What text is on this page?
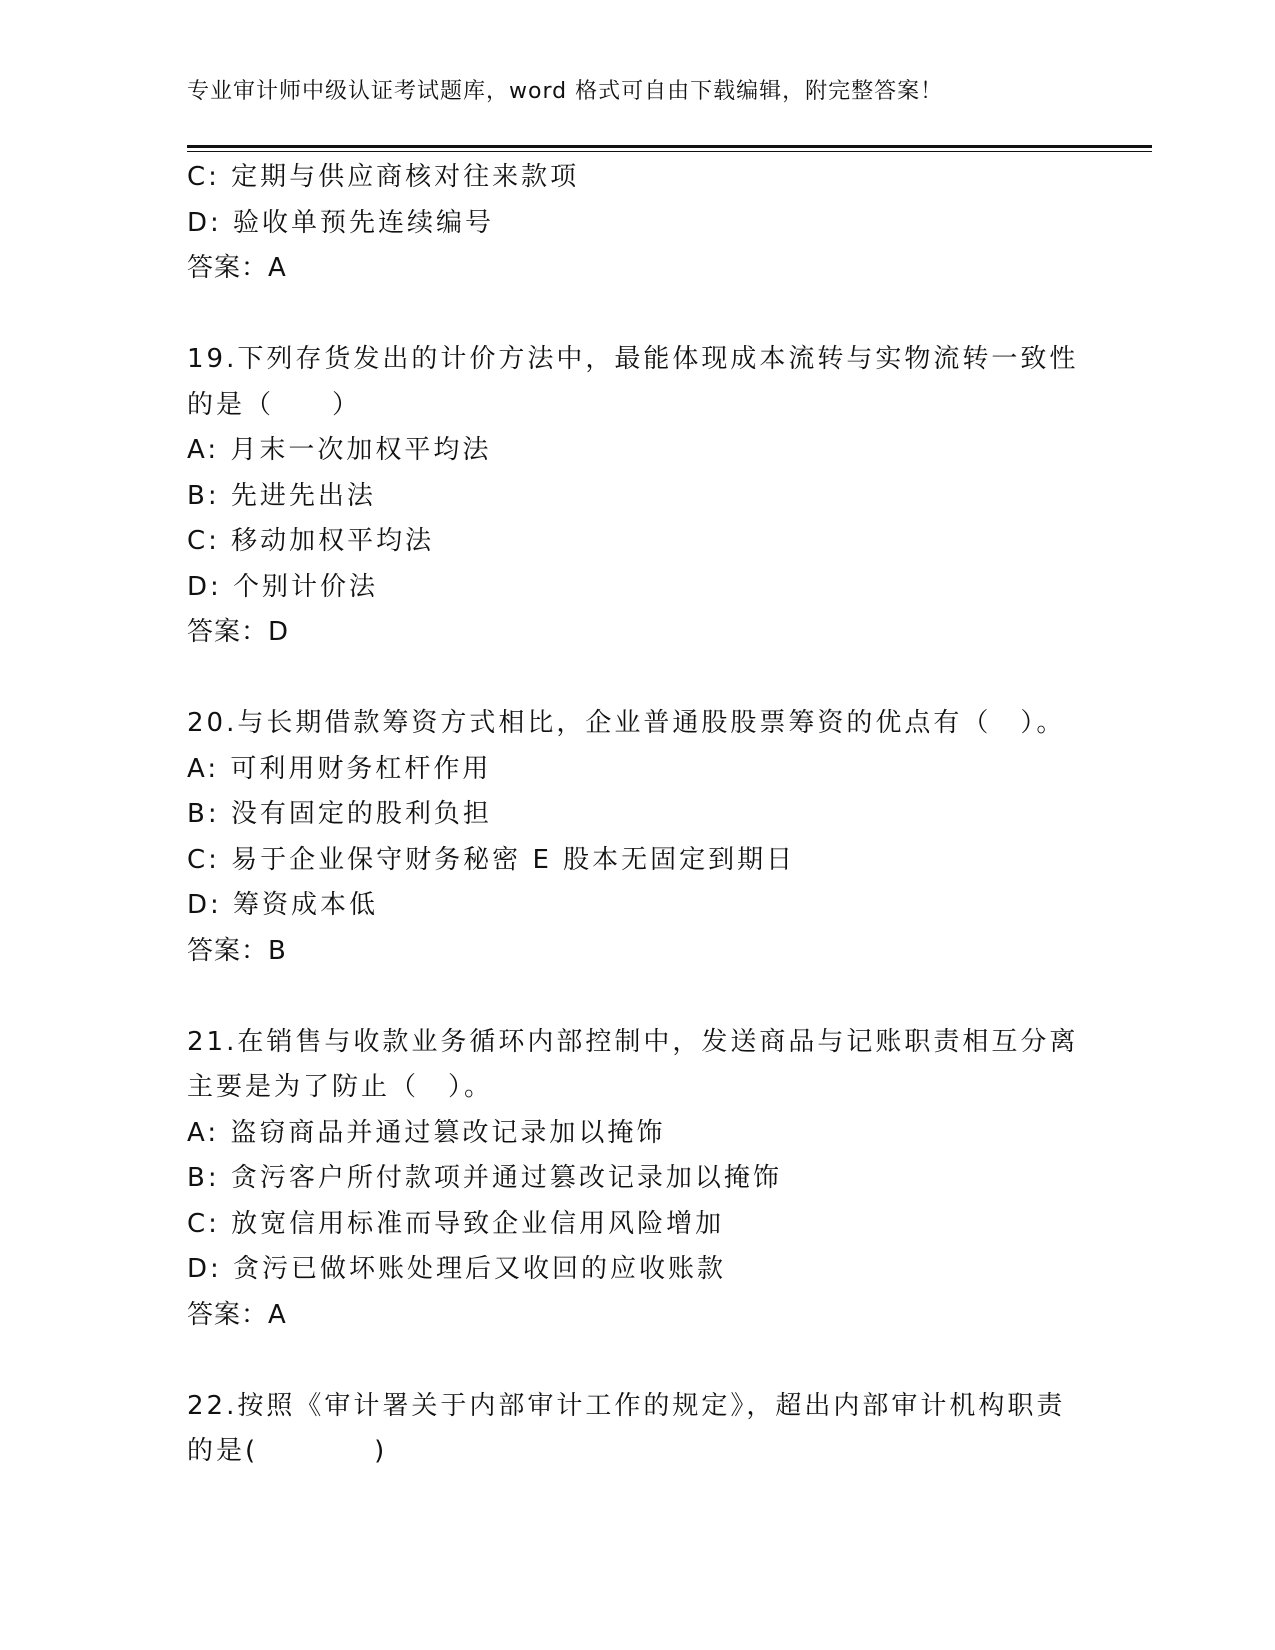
专业审计师中级认证考试题库，word 格式可自由下载编辑，附完整答案！
C: 定期与供应商核对往来款项
D: 验收单预先连续编号
答案：A
19.下列存货发出的计价方法中，最能体现成本流转与实物流转一致性
的是（　　）
A: 月末一次加权平均法
B: 先进先出法
C: 移动加权平均法
D: 个别计价法
答案：D
20.与长期借款筹资方式相比，企业普通股股票筹资的优点有（　）。
A: 可利用财务杠杆作用
B: 没有固定的股利负担
C: 易于企业保守财务秘密 E 股本无固定到期日
D: 筹资成本低
答案：B
21.在销售与收款业务循环内部控制中，发送商品与记账职责相互分离
主要是为了防止（　）。
A: 盗窃商品并通过篡改记录加以掩饰
B: 贪污客户所付款项并通过篡改记录加以掩饰
C: 放宽信用标准而导致企业信用风险增加
D: 贪污已做坏账处理后又收回的应收账款
答案：A
22.按照《审计署关于内部审计工作的规定》，超出内部审计机构职责
的是(　　　　)
